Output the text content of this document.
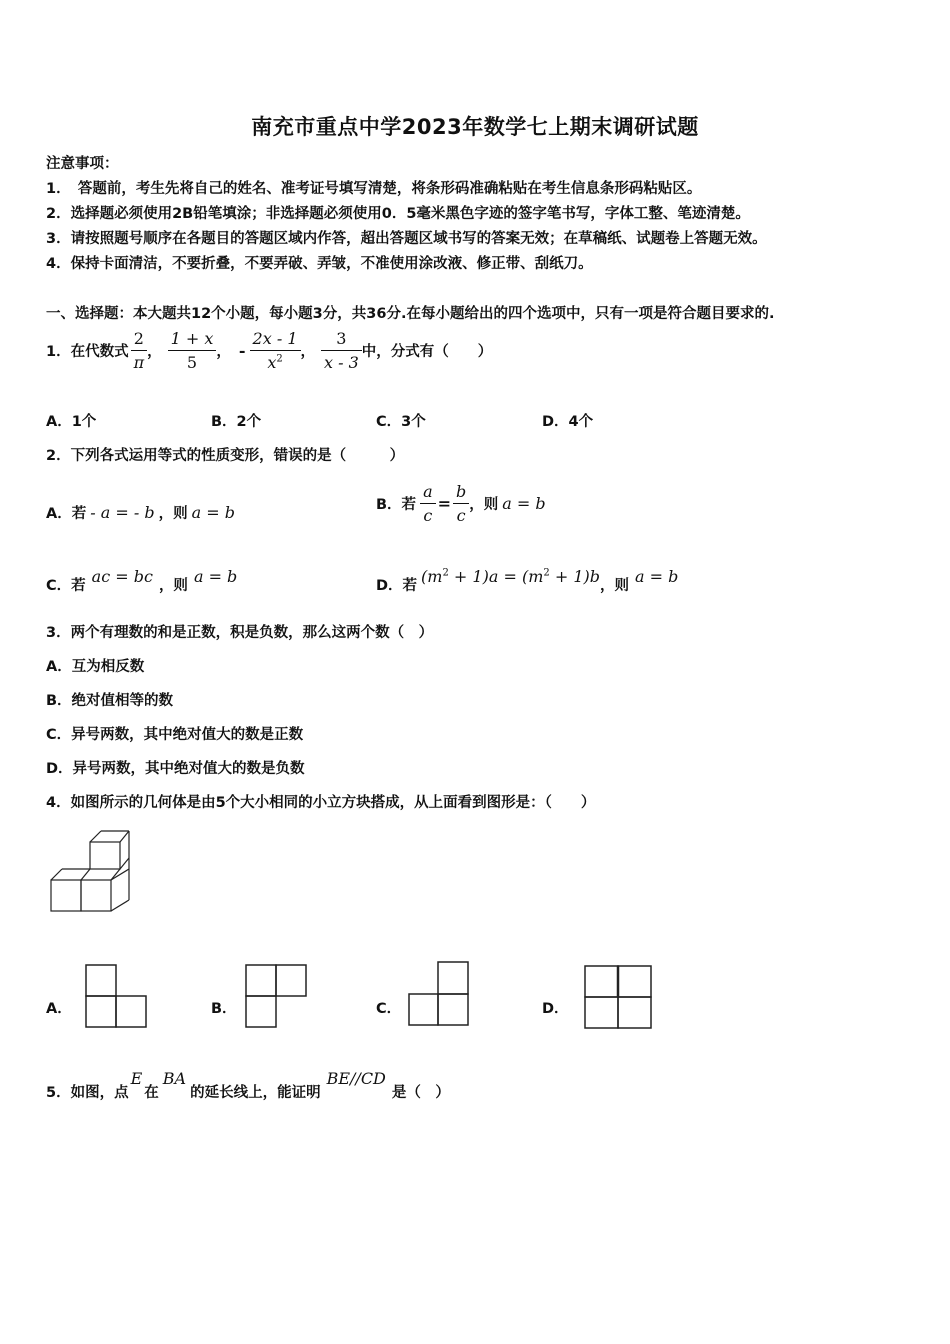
南充市重点中学2023年数学七上期末调研试题
注意事项：
1．　答题前，考生先将自己的姓名、准考证号填写清楚，将条形码准确粘贴在考生信息条形码粘贴区。
2．选择题必须使用2B铅笔填涂；非选择题必须使用0．5毫米黑色字迹的签字笔书写，字体工整、笔迹清楚。
3．请按照题号顺序在各题目的答题区域内作答，超出答题区域书写的答案无效；在草稿纸、试题卷上答题无效。
4．保持卡面清洁，不要折叠，不要弄破、弄皱，不准使用涂改液、修正带、刮纸刀。
一、选择题：本大题共12个小题，每小题3分，共36分.在每小题给出的四个选项中，只有一项是符合题目要求的.
1．在代数式 $\frac{2}{\pi}$ ， $\frac{1 + x}{5}$ ， - $\frac{2x - 1}{x^2}$ ， $\frac{3}{x - 3}$ 中，分式有（　　）
A．1个	B．2个	C．3个	D．4个
2．下列各式运用等式的性质变形，错误的是（　　　）
A．若 - a = - b ，则 a = b	B．若 $\frac{a}{c} = \frac{b}{c}$ ，则 a = b
C．若 ac = bc ，则 a = b	D．若 $(m^2 + 1)a = (m^2 + 1)b$，则 a = b
3．两个有理数的和是正数，积是负数，那么这两个数（　）
A．互为相反数
B．绝对值相等的数
C．异号两数，其中绝对值大的数是正数
D．异号两数，其中绝对值大的数是负数
4．如图所示的几何体是由5个大小相同的小立方块搭成，从上面看到图形是：（　　）
A．	B．	C．	D．
5．如图，点E在BA的延长线上，能证明BE//CD是（　）
